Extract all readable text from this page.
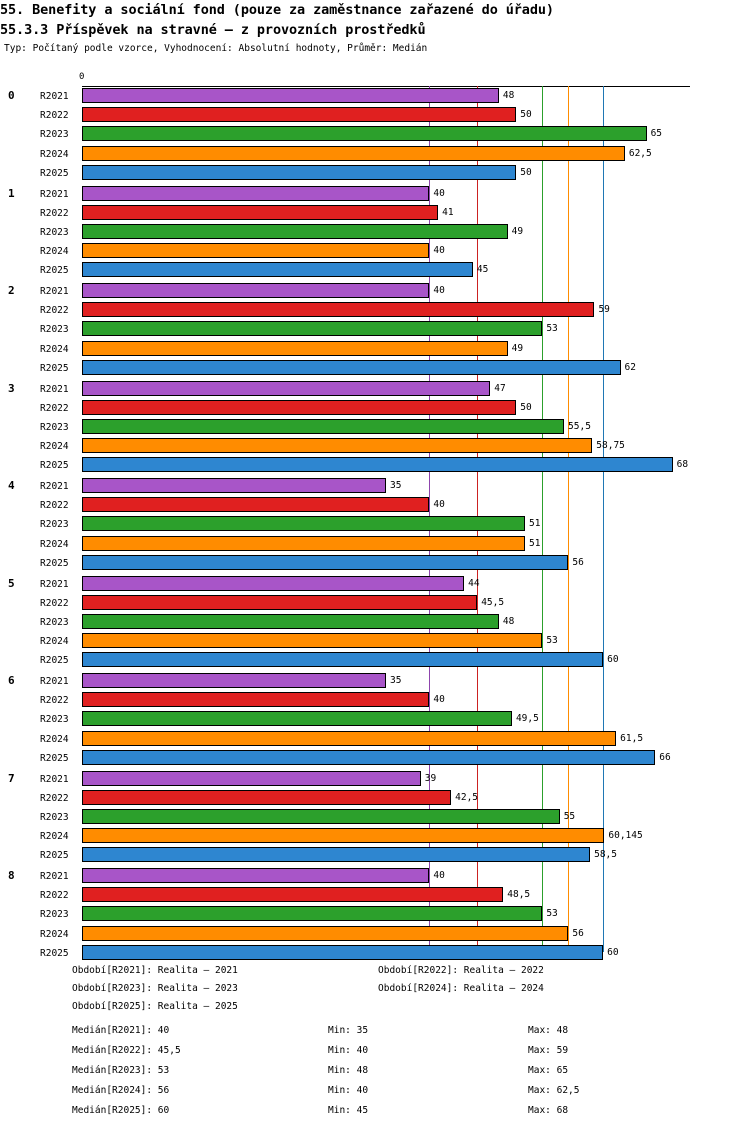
55. Benefity a sociální fond (pouze za zaměstnance zařazené do úřadu)
55.3.3 Příspěvek na stravné – z provozních prostředků
Typ: Počítaný podle vzorce, Vyhodnocení: Absolutní hodnoty, Průměr: Medián
0
48
50
65
62,5
50
40
41
49
40
45
40
59
53
49
62
47
50
55,5
58,75
68
35
40
51
51
56
44
45,5
48
53
60
35
40
49,5
61,5
66
39
42,5
55
60,145
58,5
40
48,5
53
56
60
Období[R2021]: Realita – 2021	Období[R2022]: Realita – 2022
Období[R2023]: Realita – 2023	Období[R2024]: Realita – 2024
Období[R2025]: Realita – 2025
Medián[R2021]: 40	Min: 35	Max: 48
Medián[R2022]: 45,5	Min: 40	Max: 59
Medián[R2023]: 53	Min: 48	Max: 65
Medián[R2024]: 56	Min: 40	Max: 62,5
Medián[R2025]: 60	Min: 45	Max: 68
0	R2021
R2022
R2023
R2024
R2025
1	R2021
R2022
R2023
R2024
R2025
2	R2021
R2022
R2023
R2024
R2025
3	R2021
R2022
R2023
R2024
R2025
4	R2021
R2022
R2023
R2024
R2025
5	R2021
R2022
R2023
R2024
R2025
6	R2021
R2022
R2023
R2024
R2025
7	R2021
R2022
R2023
R2024
R2025
8	R2021
R2022
R2023
R2024
R2025
